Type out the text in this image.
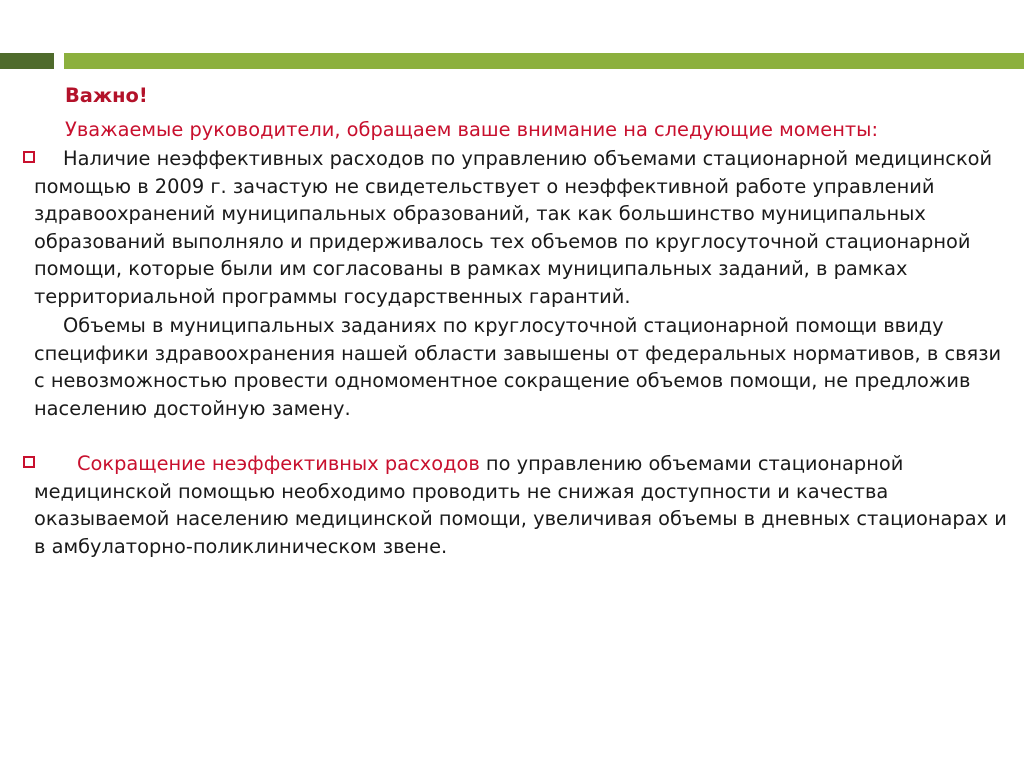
Важно!
Уважаемые руководители, обращаем ваше внимание на следующие моменты:
Наличие неэффективных расходов по управлению объемами стационарной медицинской помощью в 2009 г. зачастую не свидетельствует о неэффективной работе управлений здравоохранений муниципальных образований, так как большинство муниципальных образований выполняло и придерживалось тех объемов по круглосуточной стационарной помощи, которые были им согласованы в рамках муниципальных заданий, в рамках территориальной программы государственных гарантий.
Объемы в муниципальных заданиях по круглосуточной стационарной помощи ввиду специфики здравоохранения нашей области завышены от федеральных нормативов, в связи с невозможностью провести одномоментное сокращение объемов помощи, не предложив населению достойную замену.
Сокращение неэффективных расходов по управлению объемами стационарной медицинской помощью необходимо проводить не снижая доступности и качества оказываемой населению медицинской помощи, увеличивая объемы в дневных стационарах и в амбулаторно-поликлиническом звене.
